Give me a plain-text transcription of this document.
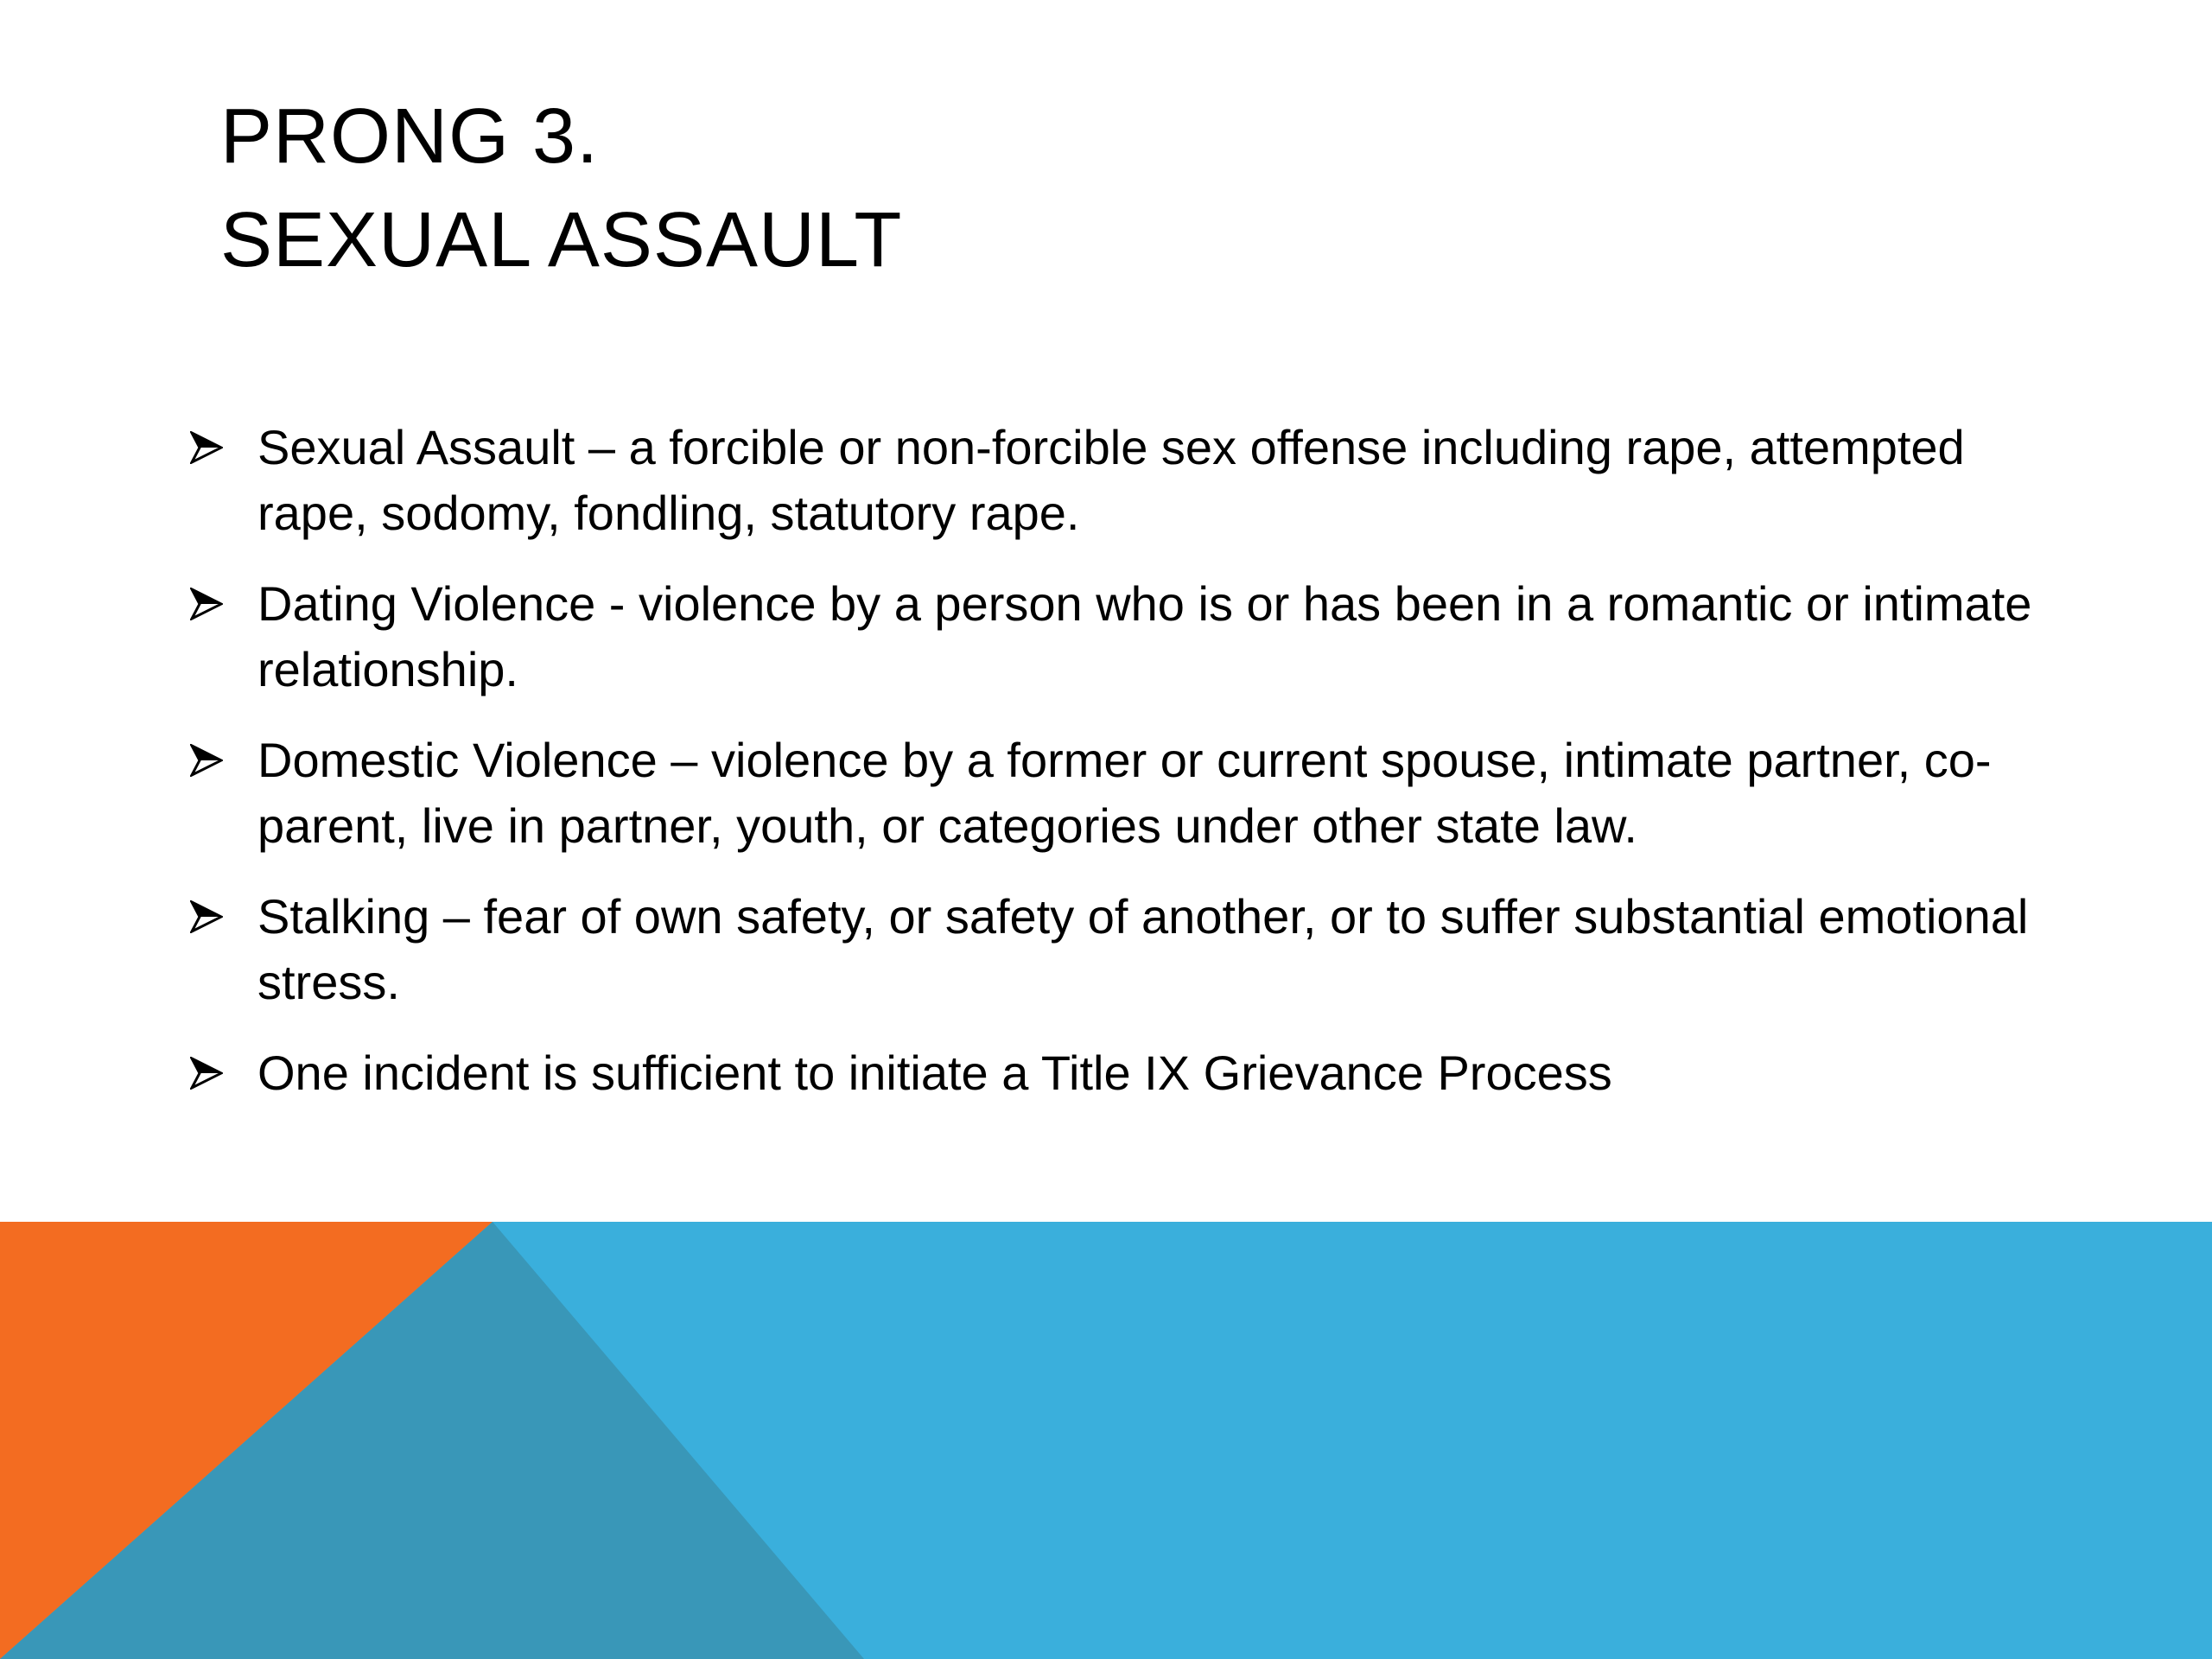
PRONG 3.
SEXUAL ASSAULT
Sexual Assault – a forcible or non-forcible sex offense including rape, attempted rape, sodomy, fondling, statutory rape.
Dating Violence - violence by a person who is or has been in a romantic or intimate relationship.
Domestic Violence – violence by a former or current spouse, intimate partner, co-parent, live in partner, youth, or categories under other state law.
Stalking – fear of own safety, or safety of another, or to suffer substantial emotional stress.
One incident is sufficient to initiate a Title IX Grievance Process
